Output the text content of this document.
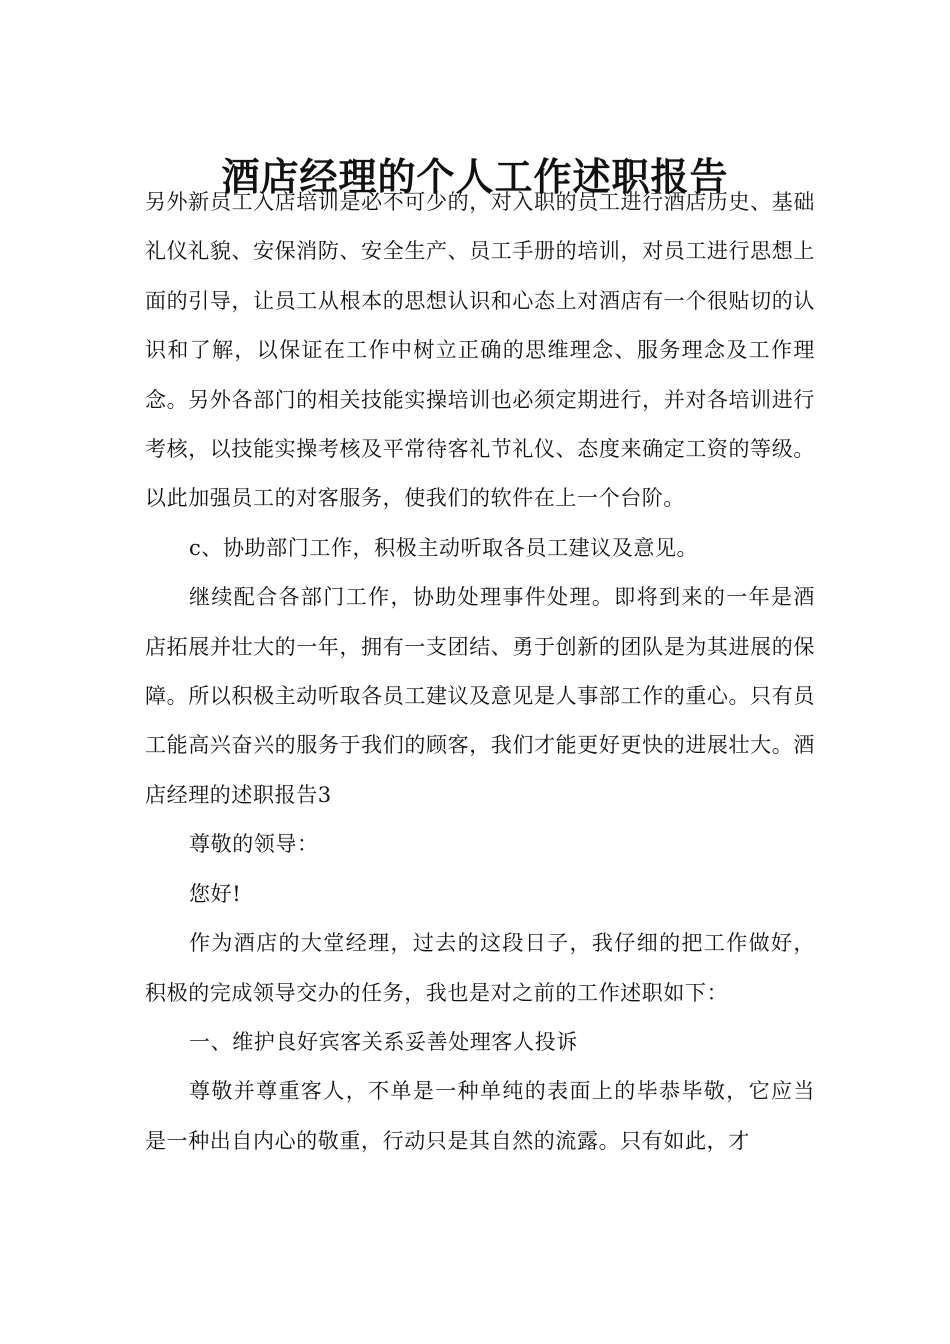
酒店经理的个人工作述职报告

另外新员工入店培训是必不可少的，对入职的员工进行酒店历史、基础礼仪礼貌、安保消防、安全生产、员工手册的培训，对员工进行思想上面的引导，让员工从根本的思想认识和心态上对酒店有一个很贴切的认识和了解，以保证在工作中树立正确的思维理念、服务理念及工作理念。另外各部门的相关技能实操培训也必须定期进行，并对各培训进行考核，以技能实操考核及平常待客礼节礼仪、态度来确定工资的等级。以此加强员工的对客服务，使我们的软件在上一个台阶。

c、协助部门工作，积极主动听取各员工建议及意见。

继续配合各部门工作，协助处理事件处理。即将到来的一年是酒店拓展并壮大的一年，拥有一支团结、勇于创新的团队是为其进展的保障。所以积极主动听取各员工建议及意见是人事部工作的重心。只有员工能高兴奋兴的服务于我们的顾客，我们才能更好更快的进展壮大。酒店经理的述职报告3

尊敬的领导：

您好!

作为酒店的大堂经理，过去的这段日子，我仔细的把工作做好，积极的完成领导交办的任务，我也是对之前的工作述职如下：

一、维护良好宾客关系妥善处理客人投诉

尊敬并尊重客人，不单是一种单纯的表面上的毕恭毕敬，它应当是一种出自内心的敬重，行动只是其自然的流露。只有如此，才
